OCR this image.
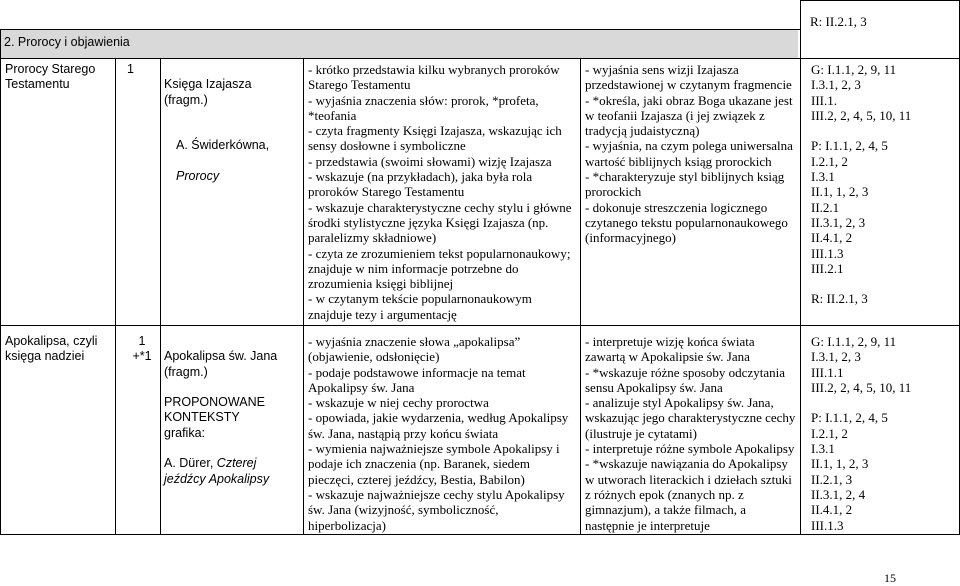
2. Prorocy i objawienia
R: II.2.1, 3
Prorocy Starego Testamentu
1

Księga Izajasza
(fragm.)

A. Świderkówna,

Prorocy

- krótko przedstawia kilku wybranych proroków Starego Testamentu
- wyjaśnia znaczenia słów: prorok, *profeta, *teofania
- czyta fragmenty Księgi Izajasza, wskazując ich sensy dosłowne i symboliczne
- przedstawia (swoimi słowami) wizję Izajasza
- wskazuje (na przykładach), jaka była rola proroków Starego Testamentu
- wskazuje charakterystyczne cechy stylu i główne środki stylistyczne języka Księgi Izajasza (np. paralelizmy składniowe)
- czyta ze zrozumieniem tekst popularnonaukowy; znajduje w nim informacje potrzebne do zrozumienia księgi biblijnej
- w czytanym tekście popularnonaukowym znajduje tezy i argumentację
- wyjaśnia sens wizji Izajasza przedstawionej w czytanym fragmencie
- *określa, jaki obraz Boga ukazane jest w teofanii Izajasza (i jej związek z tradycją judaistyczną)
- wyjaśnia, na czym polega uniwersalna wartość biblijnych ksiąg prorockich
- *charakteryzuje styl biblijnych ksiąg prorockich
- dokonuje streszczenia logicznego czytanego tekstu popularnonaukowego (informacyjnego)
G: I.1.1, 2, 9, 11
I.3.1, 2, 3
III.1.
III.2, 2, 4, 5, 10, 11

P: I.1.1, 2, 4, 5
I.2.1, 2
I.3.1
II.1, 1, 2, 3
II.2.1
II.3.1, 2, 3
II.4.1, 2
III.1.3
III.2.1

R: II.2.1, 3
Apokalipsa, czyli księga nadziei
1
+*1 Apokalipsa św. Jana
(fragm.)

PROPONOWANE KONTEKSTY
grafika:

A. Dürer, Czterej jeźdźcy Apokalipsy

- wyjaśnia znaczenie słowa „apokalipsa”
(objawienie, odsłonięcie)
- podaje podstawowe informacje na temat Apokalipsy św. Jana
- wskazuje w niej cechy proroctwa
- opowiada, jakie wydarzenia, według Apokalipsy św. Jana, nastąpią przy końcu świata
- wymienia najważniejsze symbole Apokalipsy i podaje ich znaczenia (np. Baranek, siedem pieczęci, czterej jeźdźcy, Bestia, Babilon)
- wskazuje najważniejsze cechy stylu Apokalipsy św. Jana (wizyjność, symboliczność, hiperbolizacja)
- interpretuje wizję końca świata zawartą w Apokalipsie św. Jana
- *wskazuje różne sposoby odczytania sensu Apokalipsy św. Jana
- analizuje styl Apokalipsy św. Jana, wskazując jego charakterystyczne cechy (ilustruje je cytatami)
- interpretuje różne symbole Apokalipsy
- *wskazuje nawiązania do Apokalipsy w utworach literackich i dziełach sztuki z różnych epok (znanych np. z gimnazjum), a także filmach, a następnie je interpretuje
G: I.1.1, 2, 9, 11
I.3.1, 2, 3
III.1.1
III.2, 2, 4, 5, 10, 11

P: I.1.1, 2, 4, 5
I.2.1, 2
I.3.1
II.1, 1, 2, 3
II.2.1, 3
II.3.1, 2, 4
II.4.1, 2
III.1.3
15
